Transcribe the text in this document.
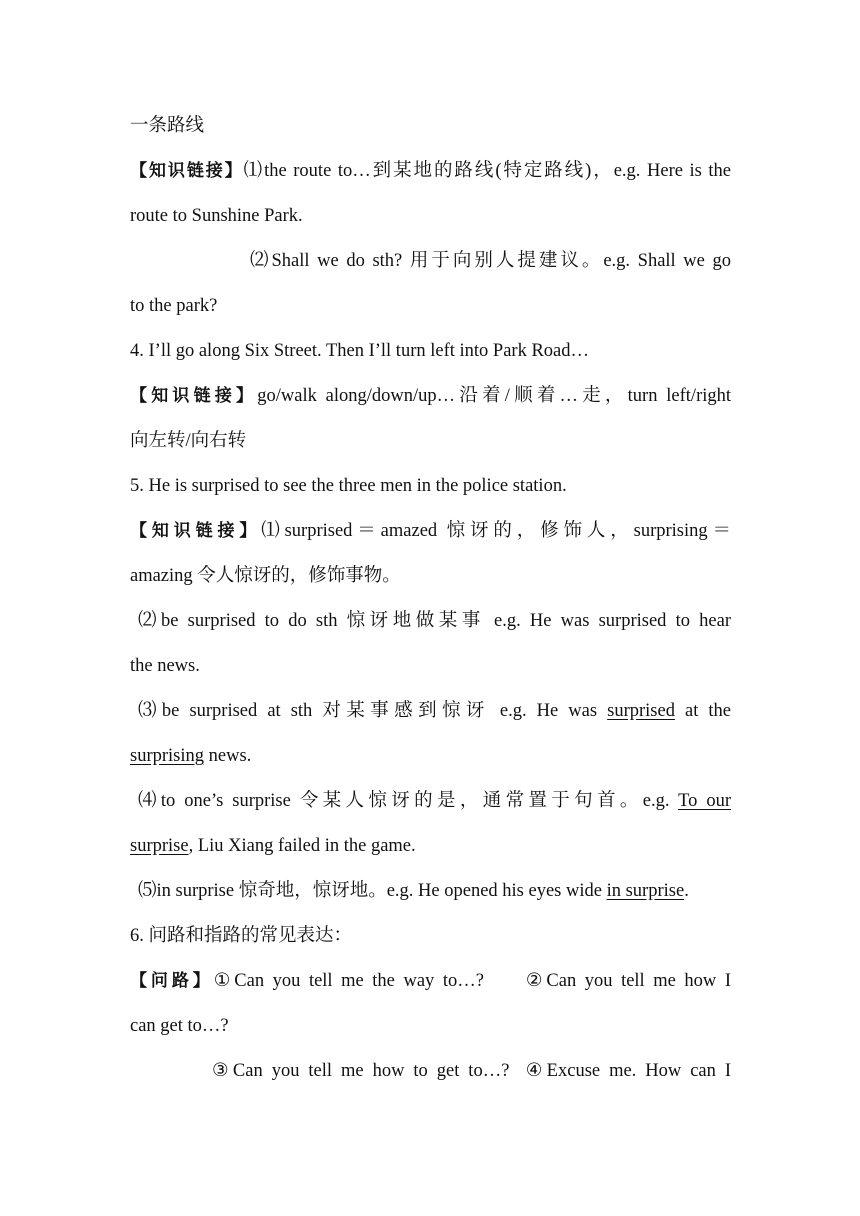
一条路线
【知识链接】⑴the route to…到某地的路线(特定路线)，e.g. Here is the
route to Sunshine Park.
⑵Shall we do sth? 用于向别人提建议。e.g. Shall we go
to the park?
4. I’ll go along Six Street. Then I’ll turn left into Park Road…
【知识链接】go/walk along/down/up…沿着/顺着…走，turn left/right
向左转/向右转
5. He is surprised to see the three men in the police station.
【知识链接】⑴surprised＝amazed 惊讶的，修饰人，surprising＝
amazing 令人惊讶的，修饰事物。
⑵be surprised to do sth 惊讶地做某事 e.g. He was surprised to hear
the news.
⑶be surprised at sth 对某事感到惊讶 e.g. He was surprised at the
surprising news.
⑷to one’s surprise 令某人惊讶的是，通常置于句首。e.g. To our
surprise, Liu Xiang failed in the game.
⑸in surprise 惊奇地，惊讶地。e.g. He opened his eyes wide in surprise.
6. 问路和指路的常见表达：
【问路】①Can you tell me the way to…? ②Can you tell me how I
can get to…?
③Can you tell me how to get to…? ④Excuse me. How can I
